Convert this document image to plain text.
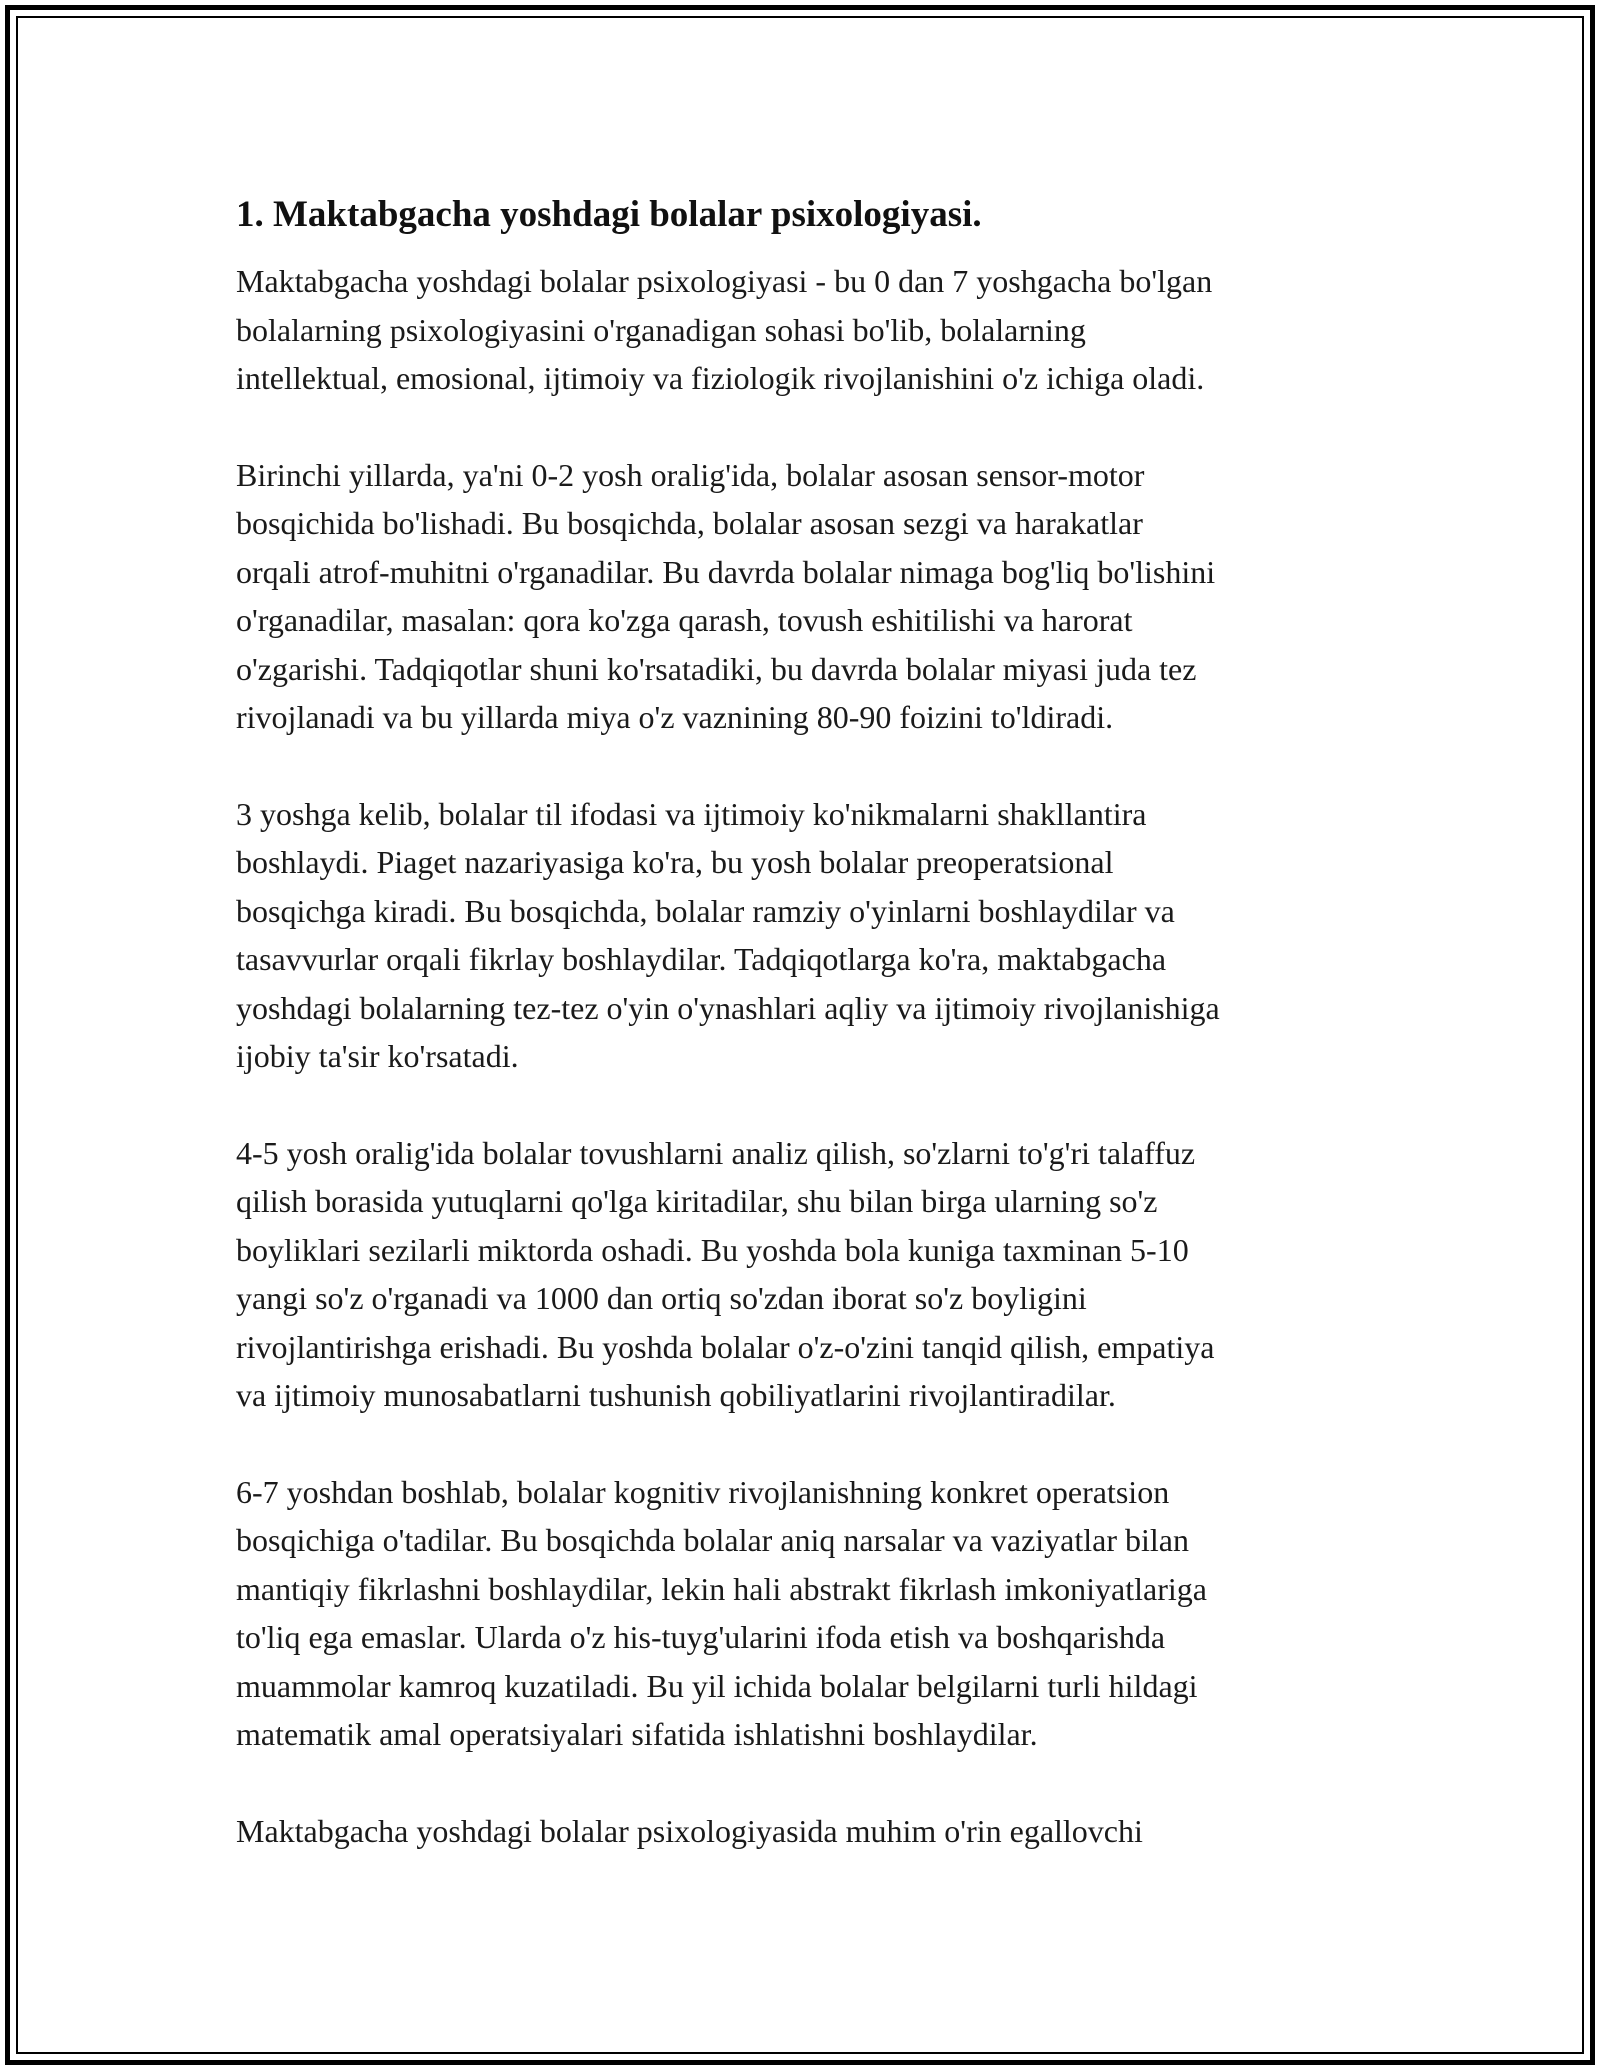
1. Maktabgacha yoshdagi bolalar psixologiyasi.

Maktabgacha yoshdagi bolalar psixologiyasi - bu 0 dan 7 yoshgacha bo'lgan
bolalarning psixologiyasini o'rganadigan sohasi bo'lib, bolalarning
intellektual, emosional, ijtimoiy va fiziologik rivojlanishini o'z ichiga oladi.

Birinchi yillarda, ya'ni 0-2 yosh oralig'ida, bolalar asosan sensor-motor
bosqichida bo'lishadi. Bu bosqichda, bolalar asosan sezgi va harakatlar
orqali atrof-muhitni o'rganadilar. Bu davrda bolalar nimaga bog'liq bo'lishini
o'rganadilar, masalan: qora ko'zga qarash, tovush eshitilishi va harorat
o'zgarishi. Tadqiqotlar shuni ko'rsatadiki, bu davrda bolalar miyasi juda tez
rivojlanadi va bu yillarda miya o'z vaznining 80-90 foizini to'ldiradi.

3 yoshga kelib, bolalar til ifodasi va ijtimoiy ko'nikmalarni shakllantira
boshlaydi. Piaget nazariyasiga ko'ra, bu yosh bolalar preoperatsional
bosqichga kiradi. Bu bosqichda, bolalar ramziy o'yinlarni boshlaydilar va
tasavvurlar orqali fikrlay boshlaydilar. Tadqiqotlarga ko'ra, maktabgacha
yoshdagi bolalarning tez-tez o'yin o'ynashlari aqliy va ijtimoiy rivojlanishiga
ijobiy ta'sir ko'rsatadi.

4-5 yosh oralig'ida bolalar tovushlarni analiz qilish, so'zlarni to'g'ri talaffuz
qilish borasida yutuqlarni qo'lga kiritadilar, shu bilan birga ularning so'z
boyliklari sezilarli miktorda oshadi. Bu yoshda bola kuniga taxminan 5-10
yangi so'z o'rganadi va 1000 dan ortiq so'zdan iborat so'z boyligini
rivojlantirishga erishadi. Bu yoshda bolalar o'z-o'zini tanqid qilish, empatiya
va ijtimoiy munosabatlarni tushunish qobiliyatlarini rivojlantiradilar.

6-7 yoshdan boshlab, bolalar kognitiv rivojlanishning konkret operatsion
bosqichiga o'tadilar. Bu bosqichda bolalar aniq narsalar va vaziyatlar bilan
mantiqiy fikrlashni boshlaydilar, lekin hali abstrakt fikrlash imkoniyatlariga
to'liq ega emaslar. Ularda o'z his-tuyg'ularini ifoda etish va boshqarishda
muammolar kamroq kuzatiladi. Bu yil ichida bolalar belgilarni turli hildagi
matematik amal operatsiyalari sifatida ishlatishni boshlaydilar.

Maktabgacha yoshdagi bolalar psixologiyasida muhim o'rin egallovchi
